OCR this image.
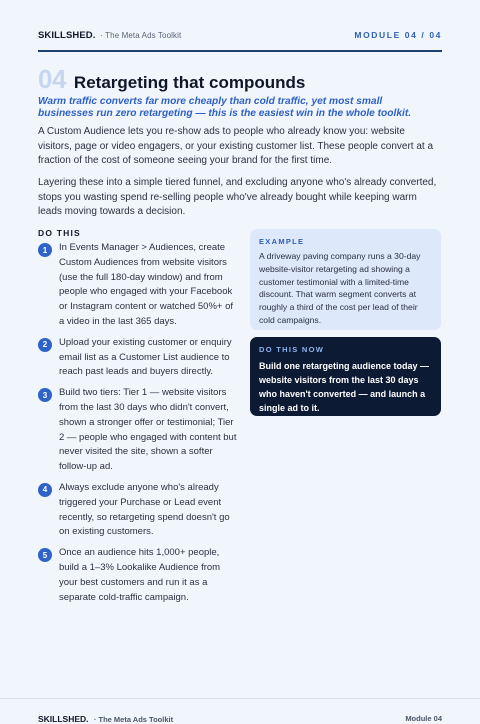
SKILLSHED. · The Meta Ads Toolkit	MODULE 04 / 04
04 Retargeting that compounds

Warm traffic converts far more cheaply than cold traffic, yet most small businesses run zero retargeting — this is the easiest win in the whole toolkit.

A Custom Audience lets you re-show ads to people who already know you: website visitors, page or video engagers, or your existing customer list. These people convert at a fraction of the cost of someone seeing your brand for the first time.

Layering these into a simple tiered funnel, and excluding anyone who's already converted, stops you wasting spend re-selling people who've already bought while keeping warm leads moving towards a decision.

DO THIS
1	In Events Manager > Audiences, create Custom Audiences from website visitors (use the full 180-day window) and from people who engaged with your Facebook or Instagram content or watched 50%+ of a video in the last 365 days.
2	Upload your existing customer or enquiry email list as a Customer List audience to reach past leads and buyers directly.
3	Build two tiers: Tier 1 — website visitors from the last 30 days who didn't convert, shown a stronger offer or testimonial; Tier 2 — people who engaged with content but never visited the site, shown a softer follow-up ad.
4	Always exclude anyone who's already triggered your Purchase or Lead event recently, so retargeting spend doesn't go on existing customers.
5	Once an audience hits 1,000+ people, build a 1–3% Lookalike Audience from your best customers and run it as a separate cold-traffic campaign.
EXAMPLE
A driveway paving company runs a 30-day website-visitor retargeting ad showing a customer testimonial with a limited-time discount. That warm segment converts at roughly a third of the cost per lead of their cold campaigns.
DO THIS NOW
Build one retargeting audience today — website visitors from the last 30 days who haven't converted — and launch a single ad to it.
SKILLSHED. · The Meta Ads Toolkit	Module 04
